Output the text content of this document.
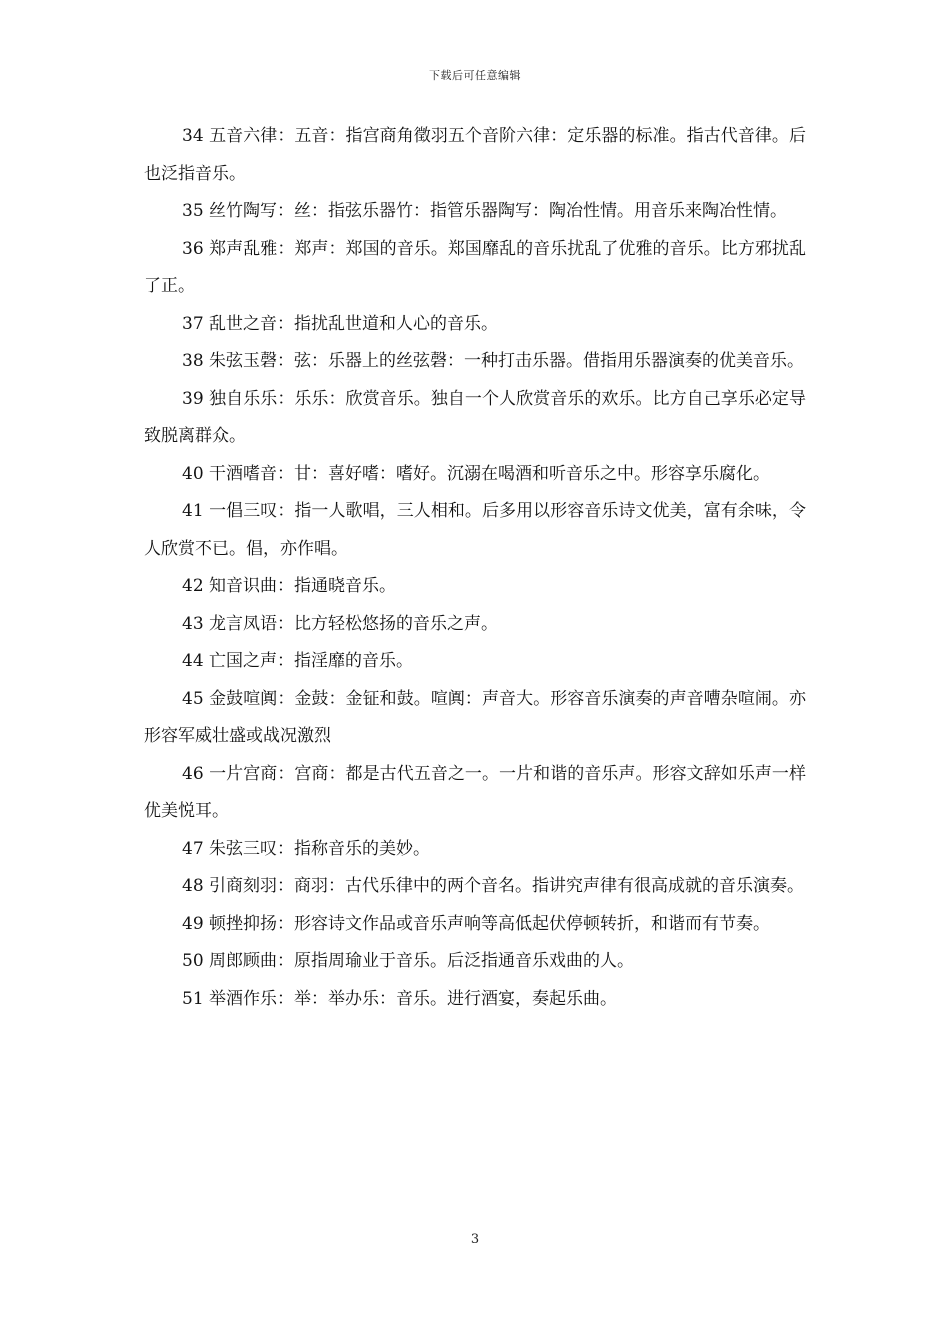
下载后可任意编辑

34 五音六律：五音：指宫商角徵羽五个音阶六律：定乐器的标准。指古代音律。后也泛指音乐。

35 丝竹陶写：丝：指弦乐器竹：指管乐器陶写：陶冶性情。用音乐来陶冶性情。

36 郑声乱雅：郑声：郑国的音乐。郑国靡乱的音乐扰乱了优雅的音乐。比方邪扰乱了正。

37 乱世之音：指扰乱世道和人心的音乐。

38 朱弦玉磬：弦：乐器上的丝弦磬：一种打击乐器。借指用乐器演奏的优美音乐。

39 独自乐乐：乐乐：欣赏音乐。独自一个人欣赏音乐的欢乐。比方自己享乐必定导致脱离群众。

40 干酒嗜音：甘：喜好嗜：嗜好。沉溺在喝酒和听音乐之中。形容享乐腐化。

41 一倡三叹：指一人歌唱，三人相和。后多用以形容音乐诗文优美，富有余味，令人欣赏不已。倡，亦作唱。

42 知音识曲：指通晓音乐。

43 龙言凤语：比方轻松悠扬的音乐之声。

44 亡国之声：指淫靡的音乐。

45 金鼓喧阗：金鼓：金钲和鼓。喧阗：声音大。形容音乐演奏的声音嘈杂喧闹。亦形容军威壮盛或战况激烈

46 一片宫商：宫商：都是古代五音之一。一片和谐的音乐声。形容文辞如乐声一样优美悦耳。

47 朱弦三叹：指称音乐的美妙。

48 引商刻羽：商羽：古代乐律中的两个音名。指讲究声律有很高成就的音乐演奏。

49 顿挫抑扬：形容诗文作品或音乐声响等高低起伏停顿转折，和谐而有节奏。

50 周郎顾曲：原指周瑜业于音乐。后泛指通音乐戏曲的人。

51 举酒作乐：举：举办乐：音乐。进行酒宴，奏起乐曲。

3
